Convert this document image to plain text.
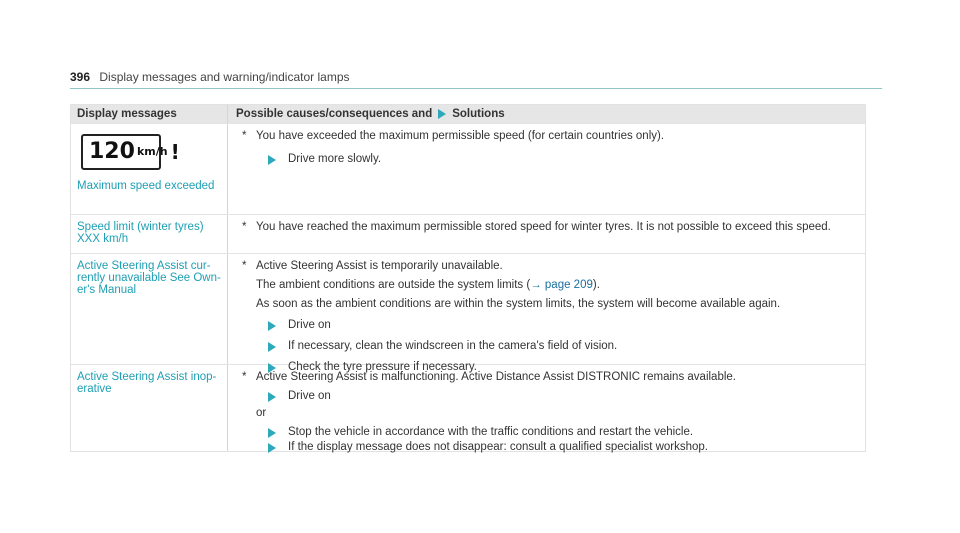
396 Display messages and warning/indicator lamps
Display messages	Possible causes/consequences and Solutions
120 km/h !
Maximum speed exceeded
* You have exceeded the maximum permissible speed (for certain countries only).
Drive more slowly.
Speed limit (winter tyres)
XXX km/h
* You have reached the maximum permissible stored speed for winter tyres. It is not possible to exceed this speed.
Active Steering Assist cur-
rently unavailable See Own-
er's Manual
* Active Steering Assist is temporarily unavailable.
The ambient conditions are outside the system limits (→ page 209).
As soon as the ambient conditions are within the system limits, the system will become available again.
Drive on
If necessary, clean the windscreen in the camera's field of vision.
Check the tyre pressure if necessary.
Active Steering Assist inop-
erative
* Active Steering Assist is malfunctioning. Active Distance Assist DISTRONIC remains available.
Drive on
or
Stop the vehicle in accordance with the traffic conditions and restart the vehicle.
If the display message does not disappear: consult a qualified specialist workshop.
